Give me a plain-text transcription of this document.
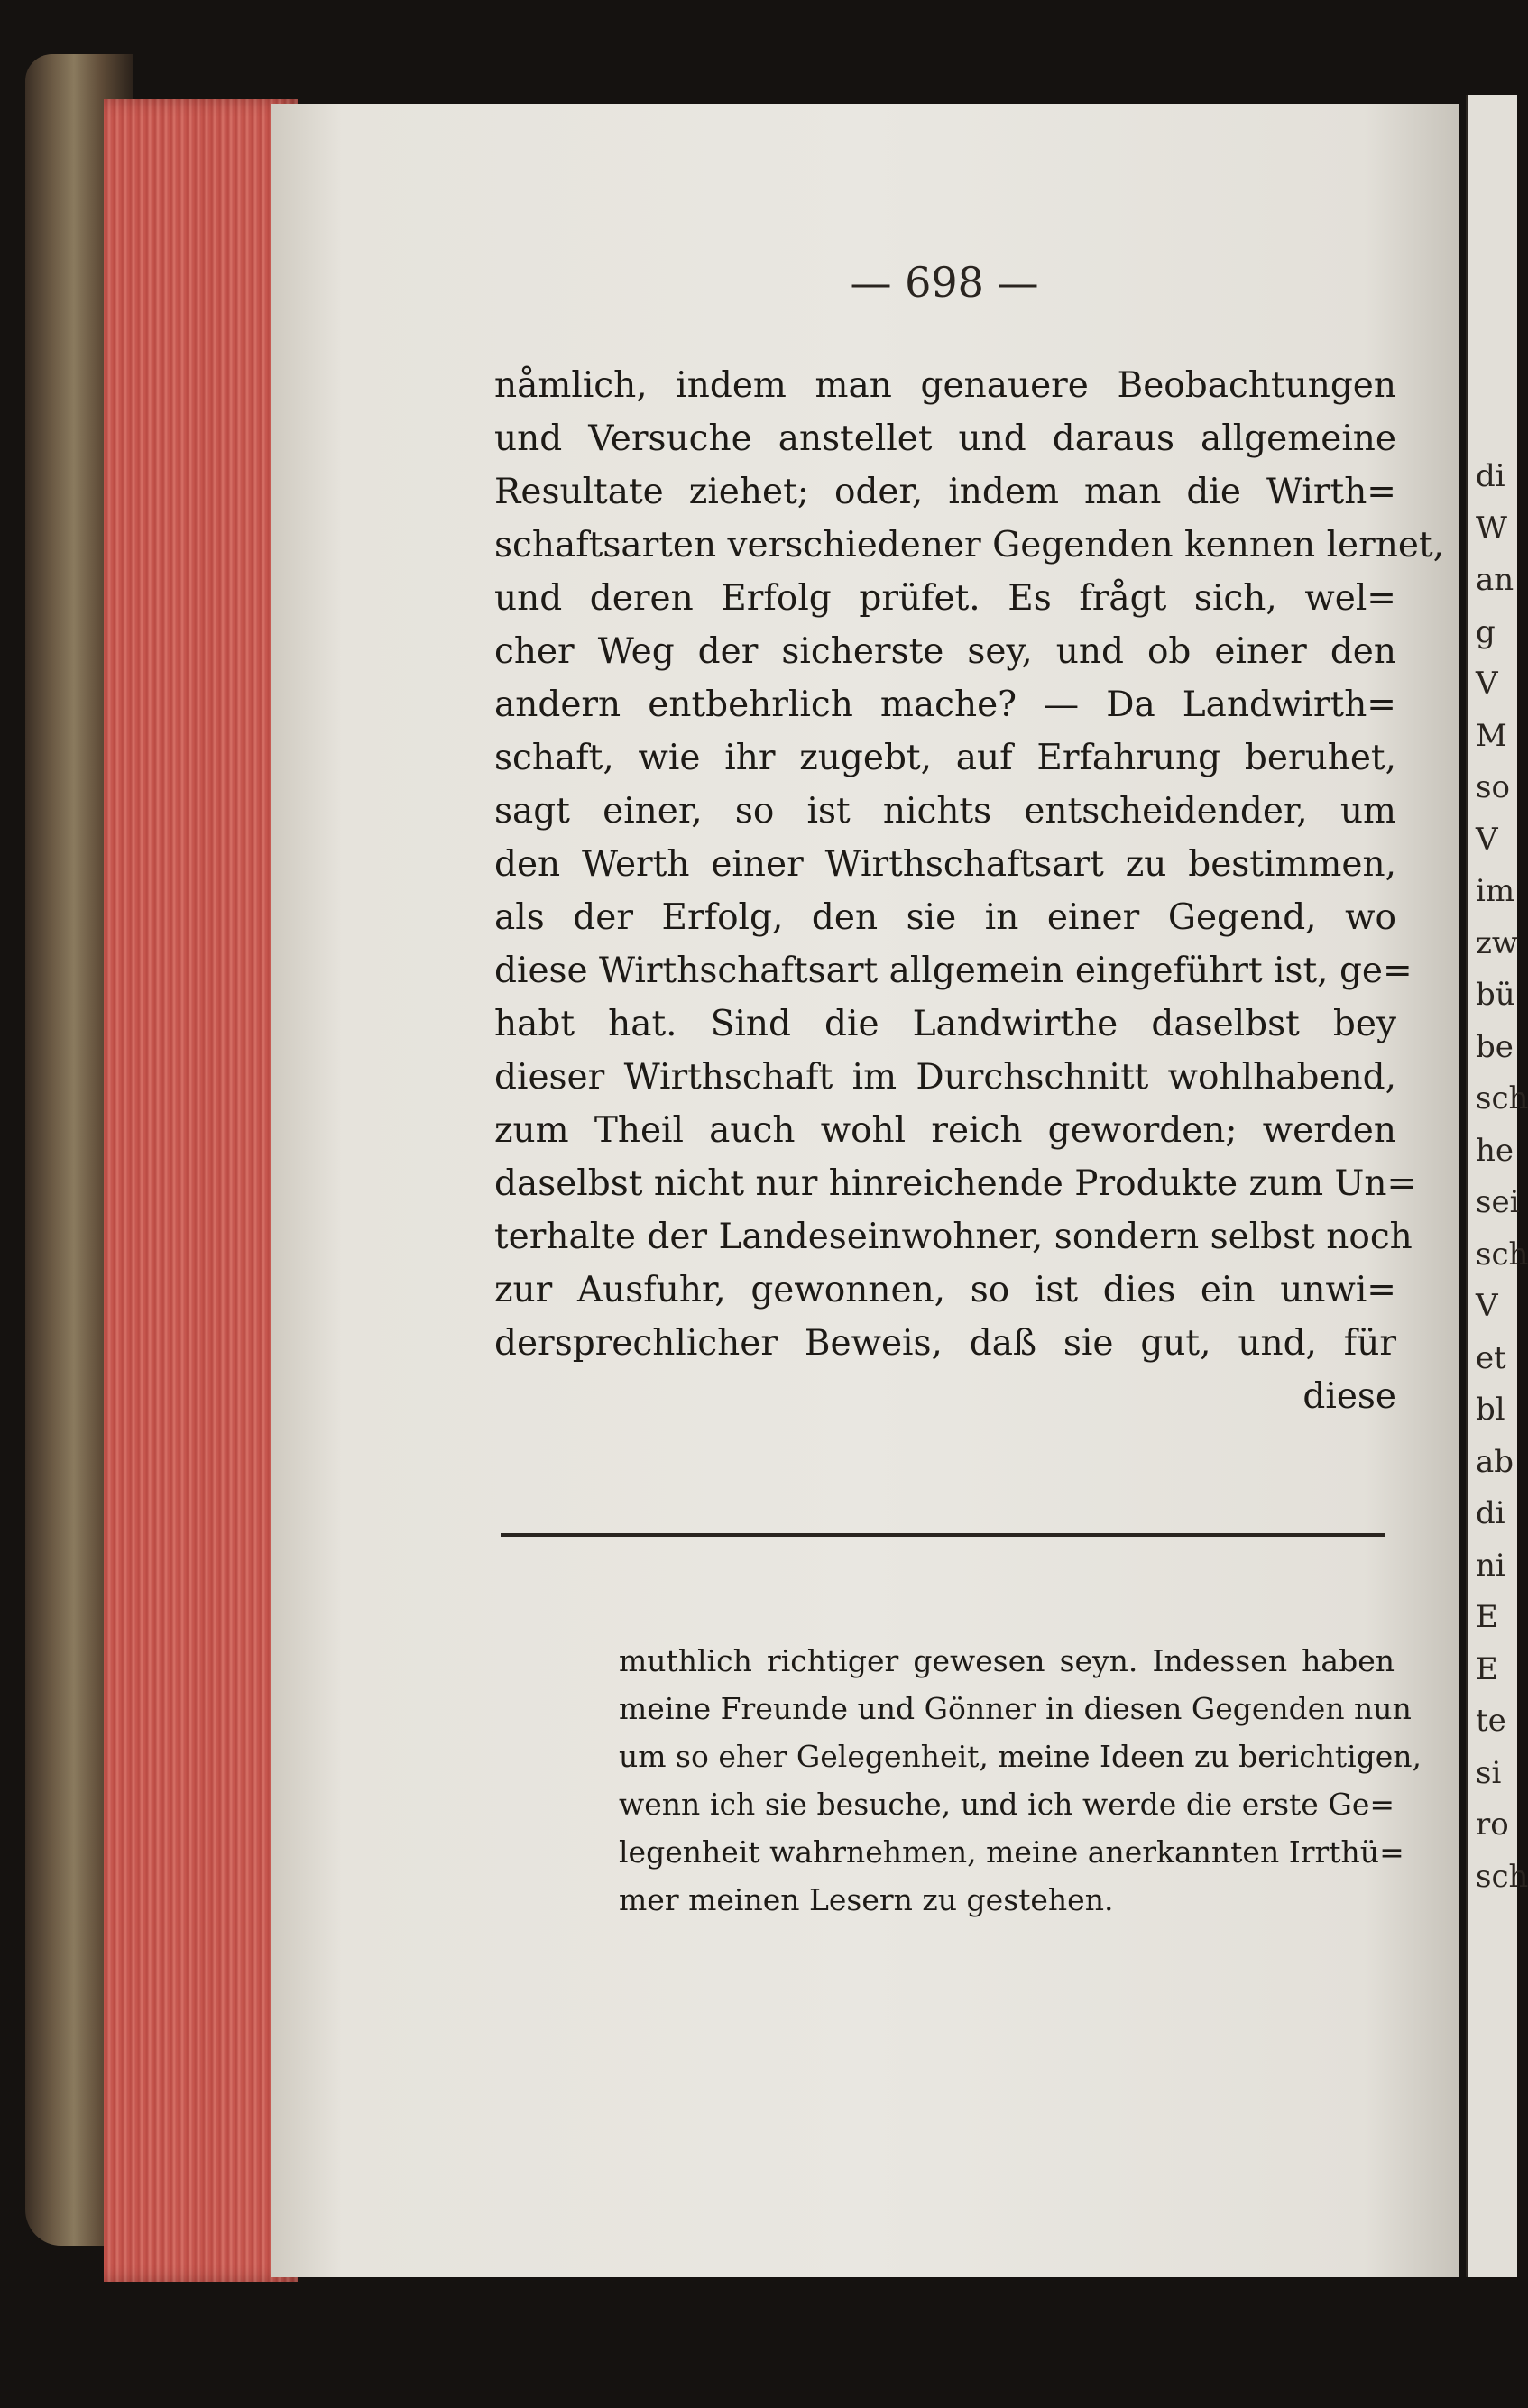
— 698 —
nåmlich, indem man genauere Beobachtungen
und Versuche anstellet und daraus allgemeine
Resultate ziehet; oder, indem man die Wirth=
schaftsarten verschiedener Gegenden kennen lernet,
und deren Erfolg prüfet. Es frågt sich, wel=
cher Weg der sicherste sey, und ob einer den
andern entbehrlich mache? — Da Landwirth=
schaft, wie ihr zugebt, auf Erfahrung beruhet,
sagt einer, so ist nichts entscheidender, um
den Werth einer Wirthschaftsart zu bestimmen,
als der Erfolg, den sie in einer Gegend, wo
diese Wirthschaftsart allgemein eingeführt ist, ge=
habt hat. Sind die Landwirthe daselbst bey
dieser Wirthschaft im Durchschnitt wohlhabend,
zum Theil auch wohl reich geworden; werden
daselbst nicht nur hinreichende Produkte zum Un=
terhalte der Landeseinwohner, sondern selbst noch
zur Ausfuhr, gewonnen, so ist dies ein unwi=
dersprechlicher Beweis, daß sie gut, und, für
diese
muthlich richtiger gewesen seyn. Indessen haben
meine Freunde und Gönner in diesen Gegenden nun
um so eher Gelegenheit, meine Ideen zu berichtigen,
wenn ich sie besuche, und ich werde die erste Ge=
legenheit wahrnehmen, meine anerkannten Irrthü=
mer meinen Lesern zu gestehen.
di
W
an
g
V
M
so
V
im
zw
bü
be
sch
he
sei
sch
V
et
bl
ab
di
ni
E
E
te
si
ro
sch
